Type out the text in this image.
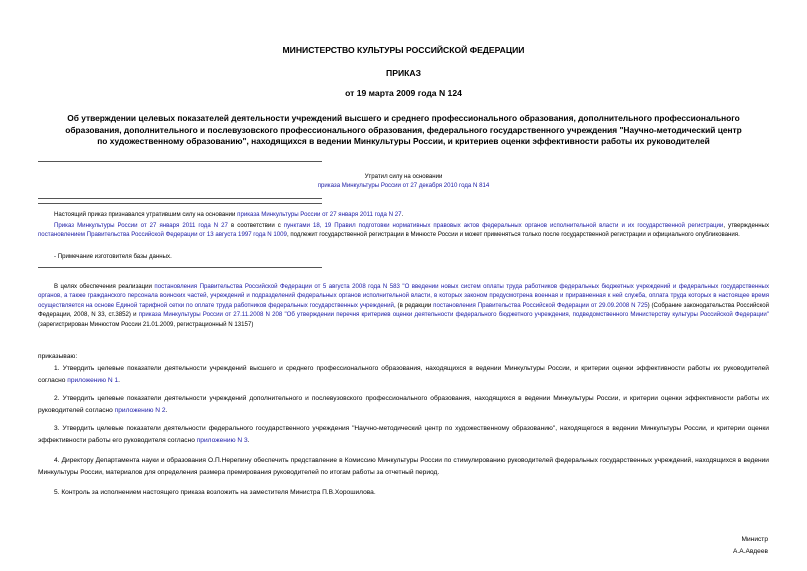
МИНИСТЕРСТВО КУЛЬТУРЫ РОССИЙСКОЙ ФЕДЕРАЦИИ
ПРИКАЗ
от 19 марта 2009 года N 124
Об утверждении целевых показателей деятельности учреждений высшего и среднего профессионального образования, дополнительного профессионального
образования, дополнительного и послевузовского профессионального образования, федерального государственного учреждения "Научно-методический центр
по художественному образованию", находящихся в ведении Минкультуры России, и критериев оценки эффективности работы их руководителей
Утратил силу на основании
приказа Минкультуры России от 27 декабря 2010 года N 814
Настоящий приказ признавался утратившим силу на основании приказа Минкультуры России от 27 января 2011 года N 27.
Приказ Минкультуры России от 27 января 2011 года N 27 в соответствии с пунктами 18, 19 Правил подготовки нормативных правовых актов федеральных органов исполнительной власти и их государственной регистрации, утвержденных постановлением Правительства Российской Федерации от 13 августа 1997 года N 1009, подлежит государственной регистрации в Минюсте России и может применяться только после государственной регистрации и официального опубликования.
- Примечание изготовителя базы данных.
В целях обеспечения реализации постановления Правительства Российской Федерации от 5 августа 2008 года N 583 "О введении новых систем оплаты труда работников федеральных бюджетных учреждений и федеральных государственных органов, а также гражданского персонала воинских частей, учреждений и подразделений федеральных органов исполнительной власти, в которых законом предусмотрена военная и приравненная к ней служба, оплата труда которых в настоящее время осуществляется на основе Единой тарифной сетки по оплате труда работников федеральных государственных учреждений, (в редакции постановления Правительства Российской Федерации от 29.09.2008 N 725) (Собрание законодательства Российской Федерации, 2008, N 33, ст.3852) и приказа Минкультуры России от 27.11.2008 N 208 "Об утверждении перечня критериев оценки деятельности федерального бюджетного учреждения, подведомственного Министерству культуры Российской Федерации" (зарегистрирован Минюстом России 21.01.2009, регистрационный N 13157)
приказываю:
1. Утвердить целевые показатели деятельности учреждений высшего и среднего профессионального образования, находящихся в ведении Минкультуры России, и критерии оценки эффективности работы их руководителей согласно приложению N 1.
2. Утвердить целевые показатели деятельности учреждений дополнительного и послевузовского профессионального образования, находящихся в ведении Минкультуры России, и критерии оценки эффективности работы их руководителей согласно приложению N 2.
3. Утвердить целевые показатели деятельности федерального государственного учреждения "Научно-методический центр по художественному образованию", находящегося в ведении Минкультуры России, и критерии оценки эффективности работы его руководителя согласно приложению N 3.
4. Директору Департамента науки и образования О.П.Нерепину обеспечить представление в Комиссию Минкультуры России по стимулированию руководителей федеральных государственных учреждений, находящихся в ведении Минкультуры России, материалов для определения размера премирования руководителей по итогам работы за отчетный период.
5. Контроль за исполнением настоящего приказа возложить на заместителя Министра П.В.Хорошилова.
Министр
А.А.Авдеев
